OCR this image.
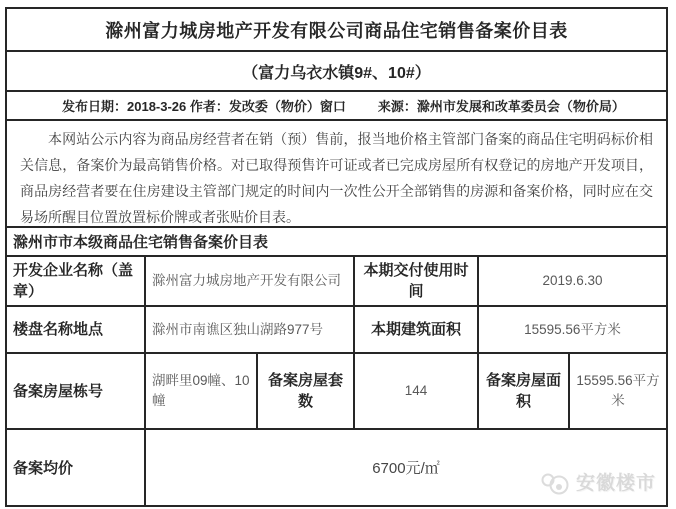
滁州富力城房地产开发有限公司商品住宅销售备案价目表
（富力乌衣水镇9#、10#）
发布日期：2018-3-26 作者：发改委（物价）窗口 来源：滁州市发展和改革委员会（物价局）
本网站公示内容为商品房经营者在销（预）售前，报当地价格主管部门备案的商品住宅明码标价相关信息，备案价为最高销售价格。对已取得预售许可证或者已完成房屋所有权登记的房地产开发项目，商品房经营者要在住房建设主管部门规定的时间内一次性公开全部销售的房源和备案价格，同时应在交易场所醒目位置放置标价牌或者张贴价目表。
滁州市市本级商品住宅销售备案价目表					
开发企业名称（盖章）	滁州富力城房地产开发有限公司		本期交付使用时间	2019.6.30	
楼盘名称地点	滁州市南谯区独山湖路977号		本期建筑面积	15595.56平方米	
备案房屋栋号	湖畔里09幢、10幢	备案房屋套数	144	备案房屋面积	15595.56平方米
备案均价	6700元/㎡
安徽楼市				
